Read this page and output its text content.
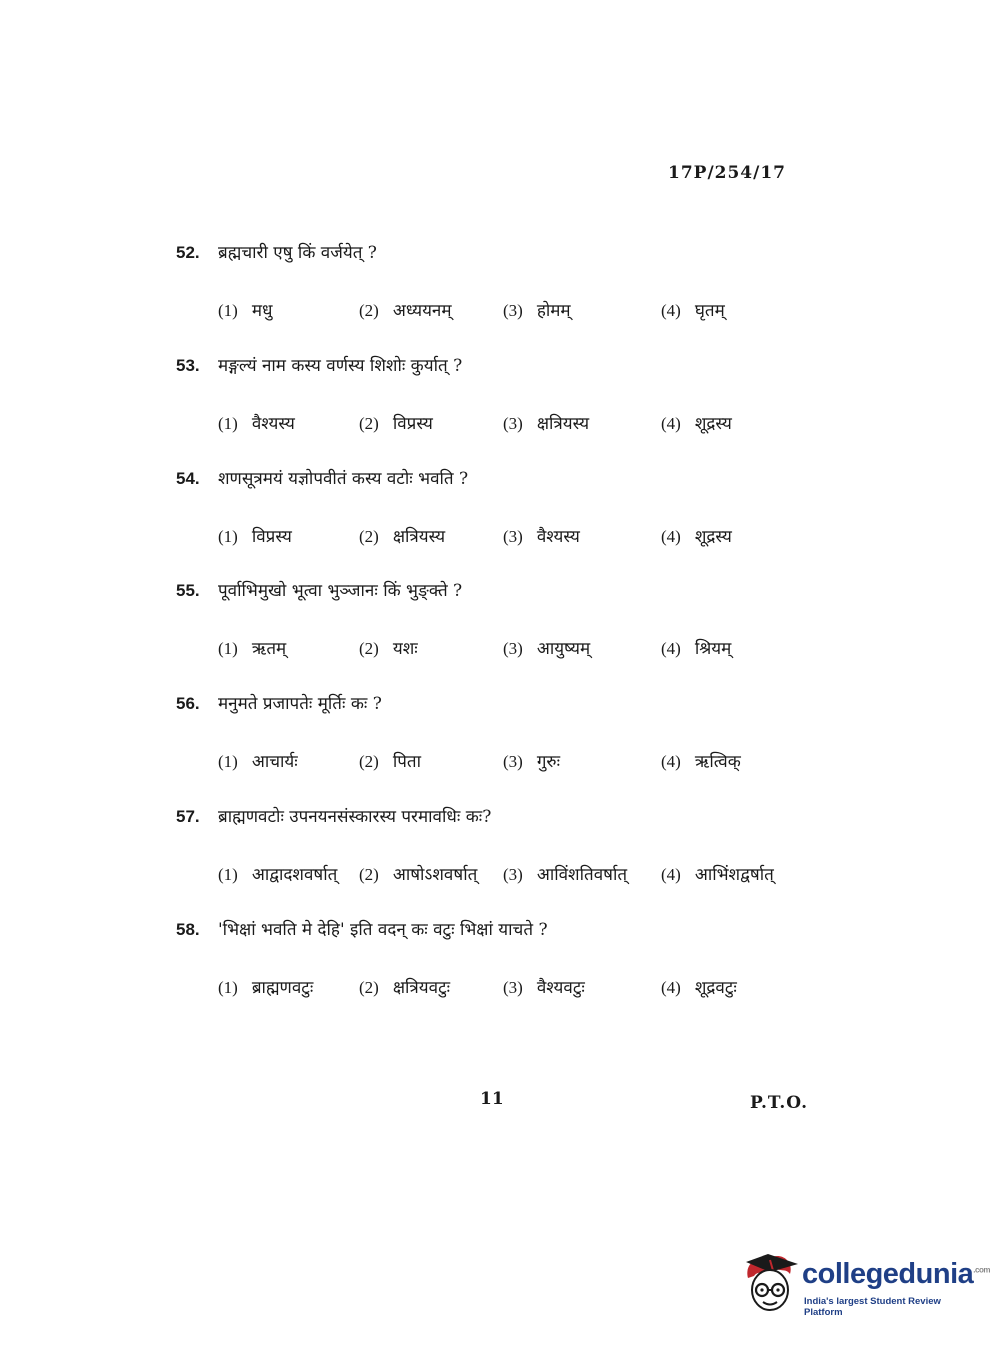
17P/254/17
52.	ब्रह्मचारी एषु किं वर्जयेत् ?
(1) मधु	(2) अध्ययनम्	(3) होमम्	(4) घृतम्
53.	मङ्गल्यं नाम कस्य वर्णस्य शिशोः कुर्यात् ?
(1) वैश्यस्य	(2) विप्रस्य	(3) क्षत्रियस्य	(4) शूद्रस्य
54.	शणसूत्रमयं यज्ञोपवीतं कस्य वटोः भवति ?
(1) विप्रस्य	(2) क्षत्रियस्य	(3) वैश्यस्य	(4) शूद्रस्य
55.	पूर्वाभिमुखो भूत्वा भुञ्जानः किं भुङ्क्ते ?
(1) ऋतम्	(2) यशः	(3) आयुष्यम्	(4) श्रियम्
56.	मनुमते प्रजापतेः मूर्तिः कः ?
(1) आचार्यः	(2) पिता	(3) गुरुः	(4) ऋत्विक्
57.	ब्राह्मणवटोः उपनयनसंस्कारस्य परमावधिः कः?
(1) आद्वादशवर्षात् (2) आषोऽशवर्षात् (3) आविंशतिवर्षात् (4) आभिंशद्वर्षात्
58.	'भिक्षां भवति मे देहि' इति वदन् कः वटुः भिक्षां याचते ?
(1) ब्राह्मणवटुः	(2) क्षत्रियवटुः	(3) वैश्यवटुः	(4) शूद्रवटुः
11	P.T.O.
collegedunia$^{.com}$
India's largest Student Review Platform
